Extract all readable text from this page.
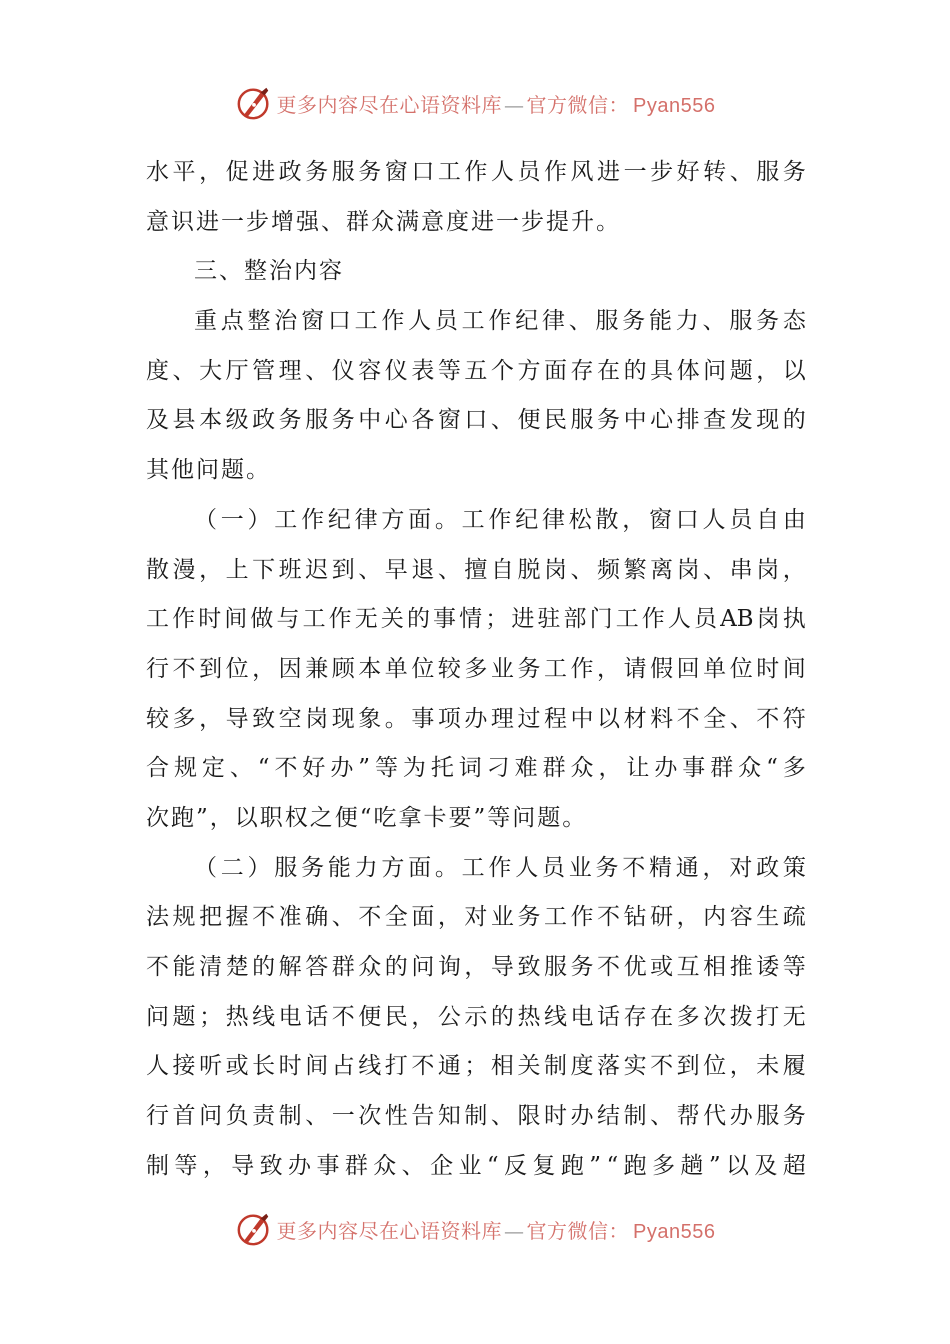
更多内容尽在心语资料库 — 官方微信： Pyan556
水 平 ， 促 进 政 务 服 务 窗 口 工 作 人 员 作 风 进 一 步 好 转 、 服 务
意识进一步增强、群众满意度进一步提升。
三、整治内容
重 点 整 治 窗 口 工 作 人 员 工 作 纪 律 、 服 务 能 力 、 服 务 态
度 、 大 厅 管 理 、 仪 容 仪 表 等 五 个 方 面 存 在 的 具 体 问 题 ， 以
及 县 本 级 政 务 服 务 中 心 各 窗 口 、 便 民 服 务 中 心 排 查 发 现 的
其他问题。
（ 一 ） 工 作 纪 律 方 面 。 工 作 纪 律 松 散 ， 窗 口 人 员 自 由
散 漫 ， 上 下 班 迟 到 、 早 退 、 擅 自 脱 岗 、 频 繁 离 岗 、 串 岗 ，
工 作 时 间 做 与 工 作 无 关 的 事 情 ； 进 驻 部 门 工 作 人 员 AB 岗 执
行 不 到 位 ， 因 兼 顾 本 单 位 较 多 业 务 工 作 ， 请 假 回 单 位 时 间
较 多 ， 导 致 空 岗 现 象 。 事 项 办 理 过 程 中 以 材 料 不 全 、 不 符
合 规 定 、 “ 不 好 办 ” 等 为 托 词 刁 难 群 众 ， 让 办 事 群 众 “ 多
次跑”，以职权之便“吃拿卡要”等问题。
（ 二 ） 服 务 能 力 方 面 。 工 作 人 员 业 务 不 精 通 ， 对 政 策
法 规 把 握 不 准 确 、 不 全 面 ， 对 业 务 工 作 不 钻 研 ， 内 容 生 疏
不 能 清 楚 的 解 答 群 众 的 问 询 ， 导 致 服 务 不 优 或 互 相 推 诿 等
问 题 ； 热 线 电 话 不 便 民 ， 公 示 的 热 线 电 话 存 在 多 次 拨 打 无
人 接 听 或 长 时 间 占 线 打 不 通 ； 相 关 制 度 落 实 不 到 位 ， 未 履
行 首 问 负 责 制 、 一 次 性 告 知 制 、 限 时 办 结 制 、 帮 代 办 服 务
制 等 ， 导 致 办 事 群 众 、 企 业 “ 反 复 跑 ” “ 跑 多 趟 ” 以 及 超
更多内容尽在心语资料库 — 官方微信： Pyan556
